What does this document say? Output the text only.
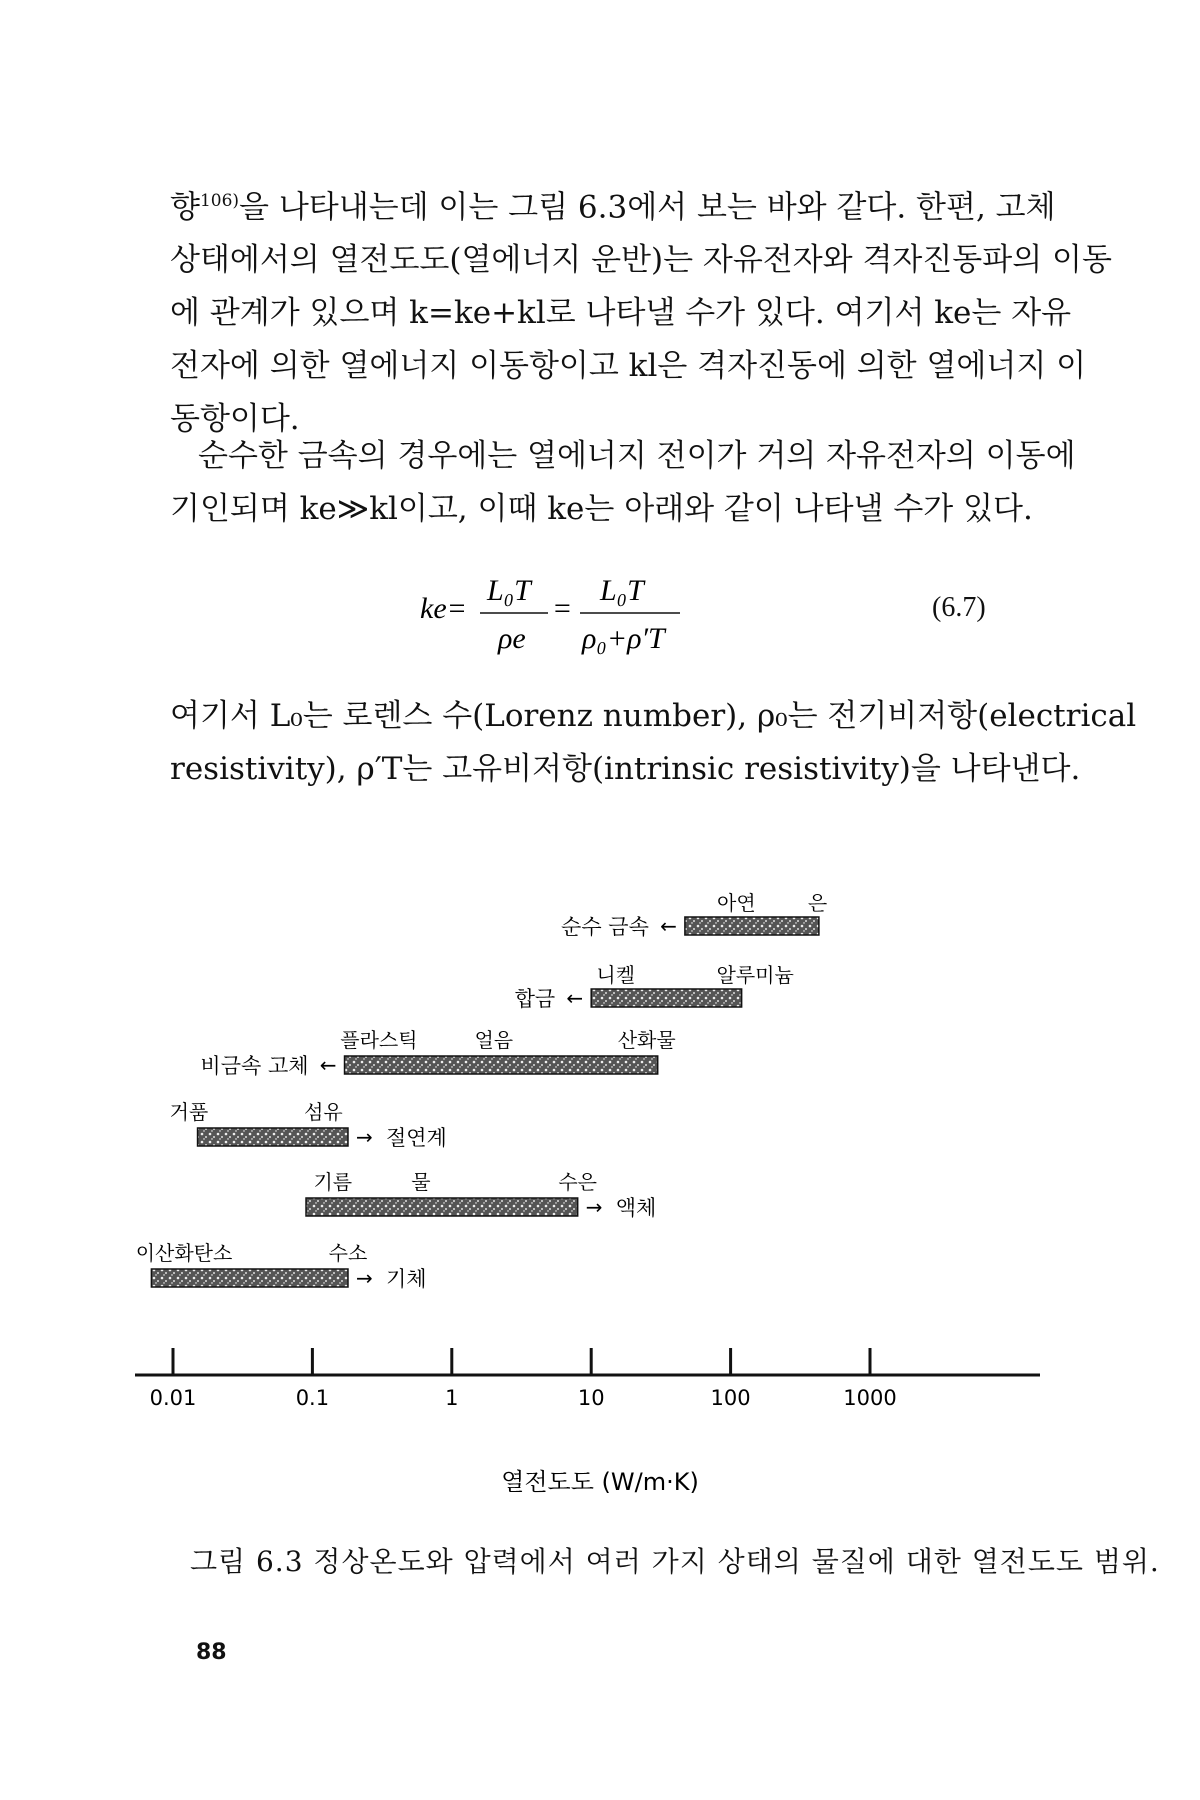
향$^{106)}$을 나타내는데 이는 그림 6.3에서 보는 바와 같다. 한편, 고체
상태에서의 열전도도(열에너지 운반)는 자유전자와 격자진동파의 이동
에 관계가 있으며 k=ke+kl로 나타낼 수가 있다. 여기서 ke는 자유
전자에 의한 열에너지 이동항이고 kl은 격자진동에 의한 열에너지 이
동항이다.
순수한 금속의 경우에는 열에너지 전이가 거의 자유전자의 이동에
기인되며 ke≫kl이고, 이때 ke는 아래와 같이 나타낼 수가 있다.
ke=
L₀T
ρe
=
L₀T
ρ₀+ρ′T
(6.7)
여기서 L₀는 로렌스 수(Lorenz number), ρ₀는 전기비저항(electrical
resistivity), ρ′T는 고유비저항(intrinsic resistivity)을 나타낸다.
←
순수 금속
아연	은
←
합금
니켈	알루미늄
←
비금속 고체
플라스틱	얼음	산화물
→ 절연계
거품	섬유
→ 액체
기름	물	수은
→ 기체
이산화탄소	수소
0.01	0.1	1	10	100	1000
열전도도 (W/m·K)
그림 6.3 정상온도와 압력에서 여러 가지 상태의 물질에 대한 열전도도 범위.
88
